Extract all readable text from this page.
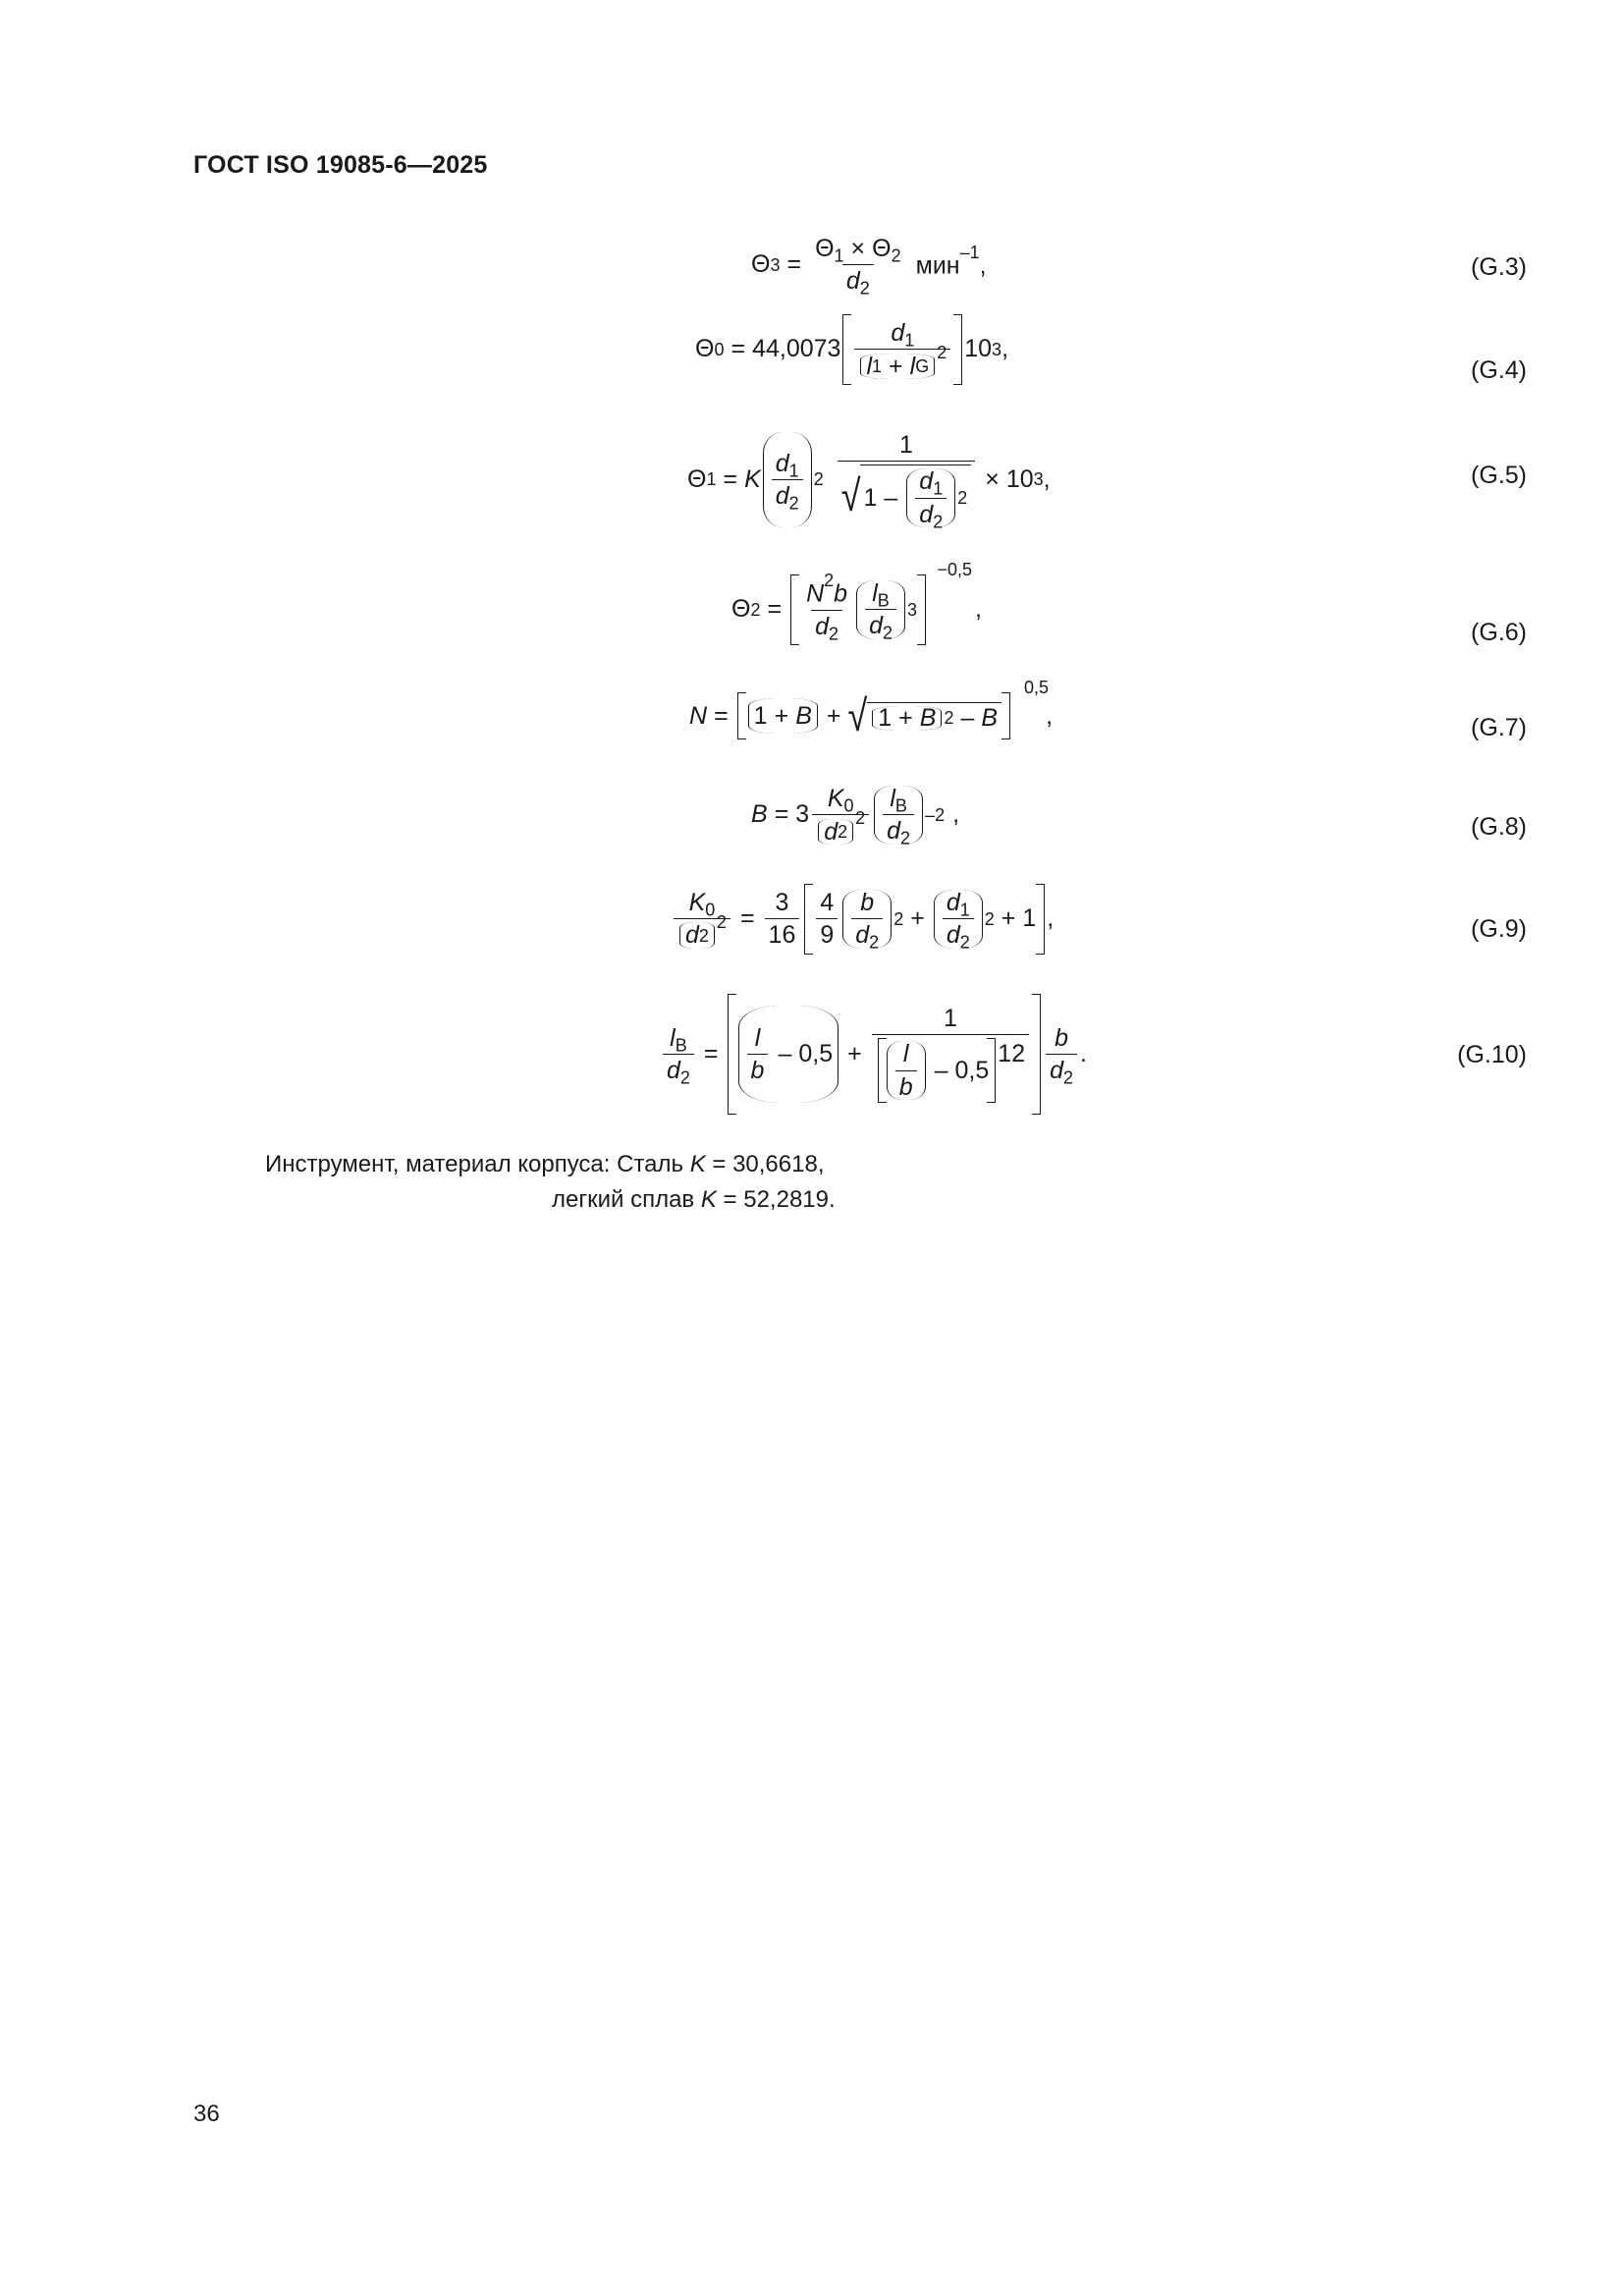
ГОСТ ISO 19085-6—2025
Θ $3 = \frac{\Theta_1 \times \Theta_2}{d_2} мин^{-1}$,	(G.3)
Θ 0 = 44,0073
$d_1$
l 1 + l G
$^2$ 10 3 ,
(G.4)
Θ 1 = K
$d_1$
$d_2$
2 1
√ 1 –
$d_1$
$d_2$
2 × 10 3 ,	(G.5)
Θ 2 =
$N^2b$
$d_2$
$l_B$
$d_2$
3
−0,5
,
(G.6)
N = 1 + B + √ 1 + B 2 – B
0,5
,	(G.7)
B = 3
$K_0$
d 2
$^2$
$l_B$
$d_2$
–2 ,	(G.8)
$K_0$
d 2
$^2 = \frac{3}{16} 4$
9
b
$d_2$
2 +
$d_1$
$d_2$
2 + 1 ,	(G.9)
$\frac{l_B}{d_2}$ =
l
b
– 0,5 + 1
l
b
– 0,5
12 b
$d_2$
.	(G.10)
Инструмент, материал корпуса: Сталь K = 30,6618,
легкий сплав K = 52,2819.
36
